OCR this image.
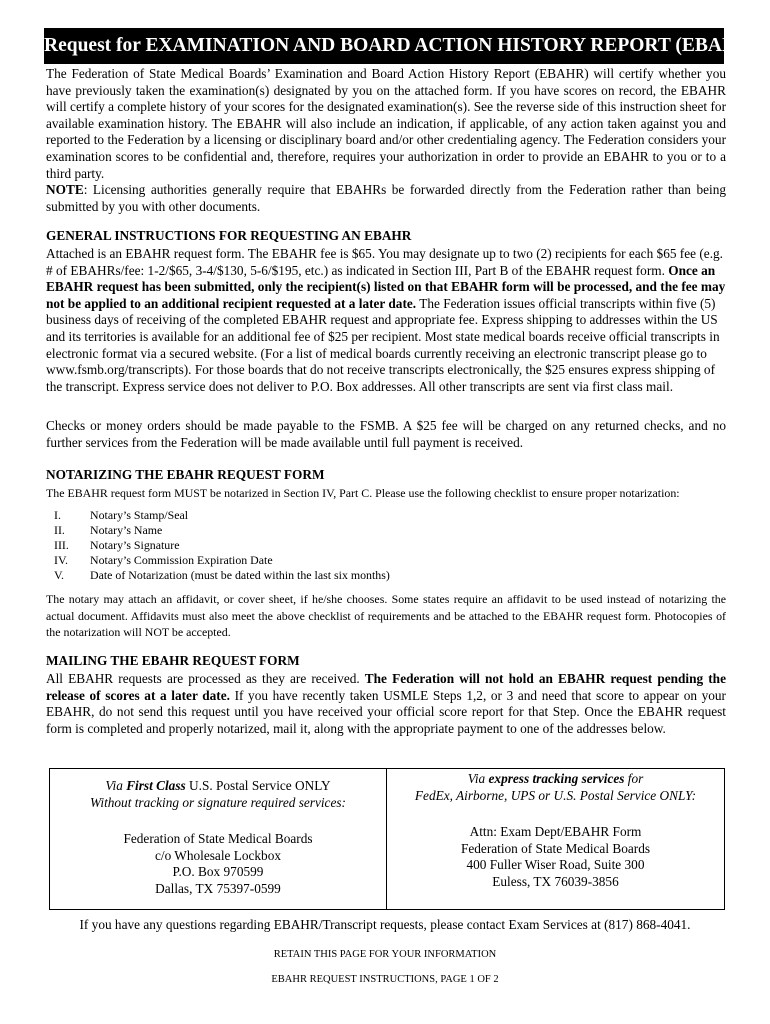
Request for EXAMINATION AND BOARD ACTION HISTORY REPORT (EBAHR)

The Federation of State Medical Boards’ Examination and Board Action History Report (EBAHR) will certify whether you have previously taken the examination(s) designated by you on the attached form. If you have scores on record, the EBAHR will certify a complete history of your scores for the designated examination(s). See the reverse side of this instruction sheet for available examination history. The EBAHR will also include an indication, if applicable, of any action taken against you and reported to the Federation by a licensing or disciplinary board and/or other credentialing agency. The Federation considers your examination scores to be confidential and, therefore, requires your authorization in order to provide an EBAHR to you or to a third party.

NOTE: Licensing authorities generally require that EBAHRs be forwarded directly from the Federation rather than being submitted by you with other documents.

GENERAL INSTRUCTIONS FOR REQUESTING AN EBAHR
Attached is an EBAHR request form. The EBAHR fee is $65. You may designate up to two (2) recipients for each $65 fee (e.g. # of EBAHRs/fee: 1-2/$65, 3-4/$130, 5-6/$195, etc.) as indicated in Section III, Part B of the EBAHR request form. Once an EBAHR request has been submitted, only the recipient(s) listed on that EBAHR form will be processed, and the fee may not be applied to an additional recipient requested at a later date. The Federation issues official transcripts within five (5) business days of receiving of the completed EBAHR request and appropriate fee. Express shipping to addresses within the US and its territories is available for an additional fee of $25 per recipient. Most state medical boards receive official transcripts in electronic format via a secured website. (For a list of medical boards currently receiving an electronic transcript please go to www.fsmb.org/transcripts). For those boards that do not receive transcripts electronically, the $25 ensures express shipping of the transcript. Express service does not deliver to P.O. Box addresses. All other transcripts are sent via first class mail.
Checks or money orders should be made payable to the FSMB. A $25 fee will be charged on any returned checks, and no further services from the Federation will be made available until full payment is received.
NOTARIZING THE EBAHR REQUEST FORM
The EBAHR request form MUST be notarized in Section IV, Part C. Please use the following checklist to ensure proper notarization:
I.	Notary’s Stamp/Seal
II.	Notary’s Name
III.	Notary’s Signature
IV.	Notary’s Commission Expiration Date
V.	Date of Notarization (must be dated within the last six months)
The notary may attach an affidavit, or cover sheet, if he/she chooses. Some states require an affidavit to be used instead of notarizing the actual document. Affidavits must also meet the above checklist of requirements and be attached to the EBAHR request form. Photocopies of the notarization will NOT be accepted.
MAILING THE EBAHR REQUEST FORM
All EBAHR requests are processed as they are received. The Federation will not hold an EBAHR request pending the release of scores at a later date. If you have recently taken USMLE Steps 1,2, or 3 and need that score to appear on your EBAHR, do not send this request until you have received your official score report for that Step. Once the EBAHR request form is completed and properly notarized, mail it, along with the appropriate payment to one of the addresses below.
Via First Class U.S. Postal Service ONLY
Without tracking or signature required services:
Federation of State Medical Boards
c/o Wholesale Lockbox
P.O. Box 970599
Dallas, TX 75397-0599
Via express tracking services for
FedEx, Airborne, UPS or U.S. Postal Service ONLY:
Attn: Exam Dept/EBAHR Form
Federation of State Medical Boards
400 Fuller Wiser Road, Suite 300
Euless, TX 76039-3856
If you have any questions regarding EBAHR/Transcript requests, please contact Exam Services at (817) 868-4041.
RETAIN THIS PAGE FOR YOUR INFORMATION
EBAHR REQUEST INSTRUCTIONS, PAGE 1 OF 2
